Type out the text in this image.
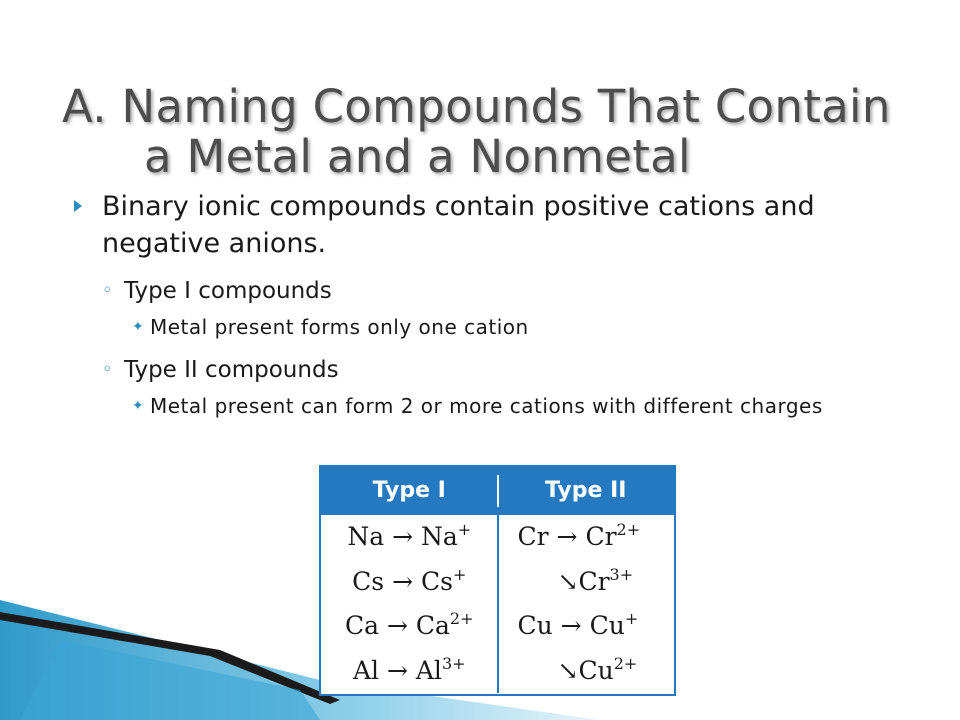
A. Naming Compounds That Contain
a Metal and a Nonmetal
Binary ionic compounds contain positive cations and negative anions.
◦ Type I compounds
✦ Metal present forms only one cation
◦ Type II compounds
✦ Metal present can form 2 or more cations with different charges
Type I	Type II
Na → Na+
Cs → Cs+
$Ca \to Ca^{2+}$
$Al \to Al^{3+}$
$Cr \to Cr^{2+}$
$↘Cr^{3+}$
Cu → Cu+
$↘Cu^{2+}$
